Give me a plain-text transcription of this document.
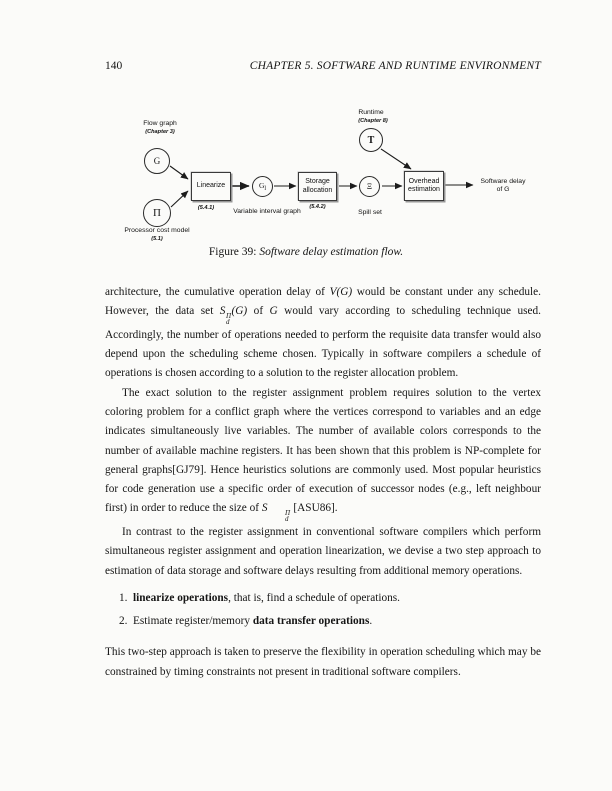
140	CHAPTER 5. SOFTWARE AND RUNTIME ENVIRONMENT
Flow graph
(Chapter 3)
G
Π
Processor cost model
(5.1)
Linearize
(5.4.1)
$G_l$
Variable interval graph
Storage
allocation
(5.4.2)
Ξ
Spill set
Runtime
(Chapter 8)
T
Overhead
estimation
Software delay
of G
Figure 39: Software delay estimation flow.

architecture, the cumulative operation delay of V(G) would be constant under any schedule. However, the data set S Π
d
(G) of G would vary according to scheduling technique used. Accordingly, the number of operations needed to perform the requisite data transfer would also depend upon the scheduling scheme chosen. Typically in software compilers a schedule of operations is chosen according to a solution to the register allocation problem.

The exact solution to the register assignment problem requires solution to the vertex coloring problem for a conflict graph where the vertices correspond to variables and an edge indicates simultaneously live variables. The number of available colors corresponds to the number of available machine registers. It has been shown that this problem is NP-complete for general graphs[GJ79]. Hence heuristics solutions are commonly used. Most popular heuristics for code generation use a specific order of execution of successor nodes (e.g., left neighbour first) in order to reduce the size of S	Π
d
[ASU86].

In contrast to the register assignment in conventional software compilers which perform simultaneous register assignment and operation linearization, we devise a two step approach to estimation of data storage and software delays resulting from additional memory operations.

1. linearize operations, that is, find a schedule of operations.
2. Estimate register/memory data transfer operations.

This two-step approach is taken to preserve the flexibility in operation scheduling which may be constrained by timing constraints not present in traditional software compilers.
